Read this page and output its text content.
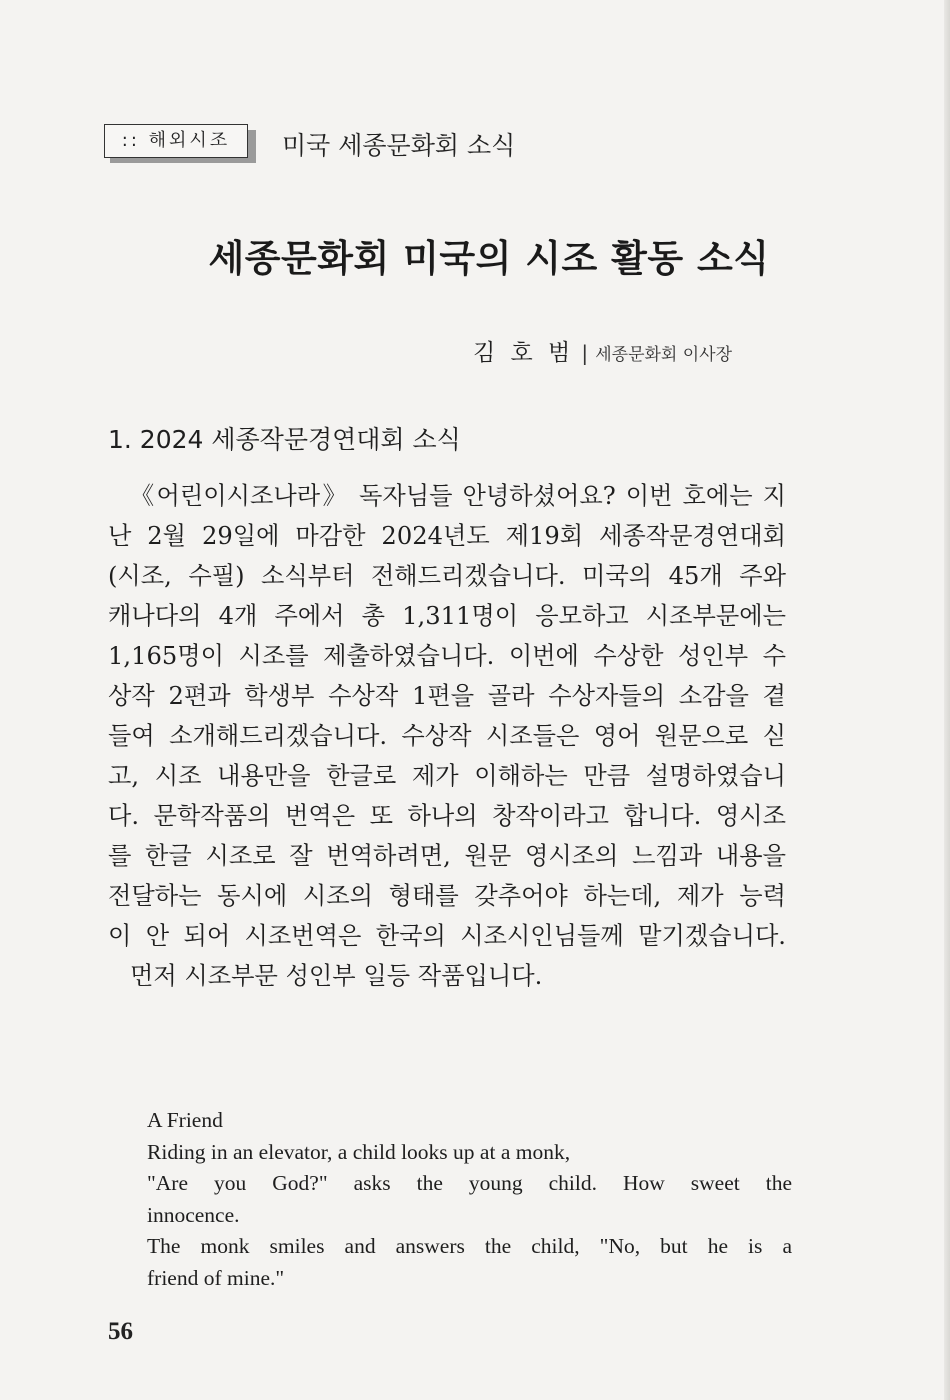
:: 해외시조	미국 세종문화회 소식
세종문화회 미국의 시조 활동 소식
김 호 범 | 세종문화회 이사장
1. 2024 세종작문경연대회 소식
《어린이시조나라》 독자님들 안녕하셨어요? 이번 호에는 지
난 2월 29일에 마감한 2024년도 제19회 세종작문경연대회
(시조, 수필) 소식부터 전해드리겠습니다. 미국의 45개 주와
캐나다의 4개 주에서 총 1,311명이 응모하고 시조부문에는
1,165명이 시조를 제출하였습니다. 이번에 수상한 성인부 수
상작 2편과 학생부 수상작 1편을 골라 수상자들의 소감을 곁
들여 소개해드리겠습니다. 수상작 시조들은 영어 원문으로 싣
고, 시조 내용만을 한글로 제가 이해하는 만큼 설명하였습니
다. 문학작품의 번역은 또 하나의 창작이라고 합니다. 영시조
를 한글 시조로 잘 번역하려면, 원문 영시조의 느낌과 내용을
전달하는 동시에 시조의 형태를 갖추어야 하는데, 제가 능력
이 안 되어 시조번역은 한국의 시조시인님들께 맡기겠습니다.
먼저 시조부문 성인부 일등 작품입니다.
A Friend
Riding in an elevator, a child looks up at a monk,
"Are you God?" asks the young child. How sweet the
innocence.
The monk smiles and answers the child, "No, but he is a
friend of mine."
56
